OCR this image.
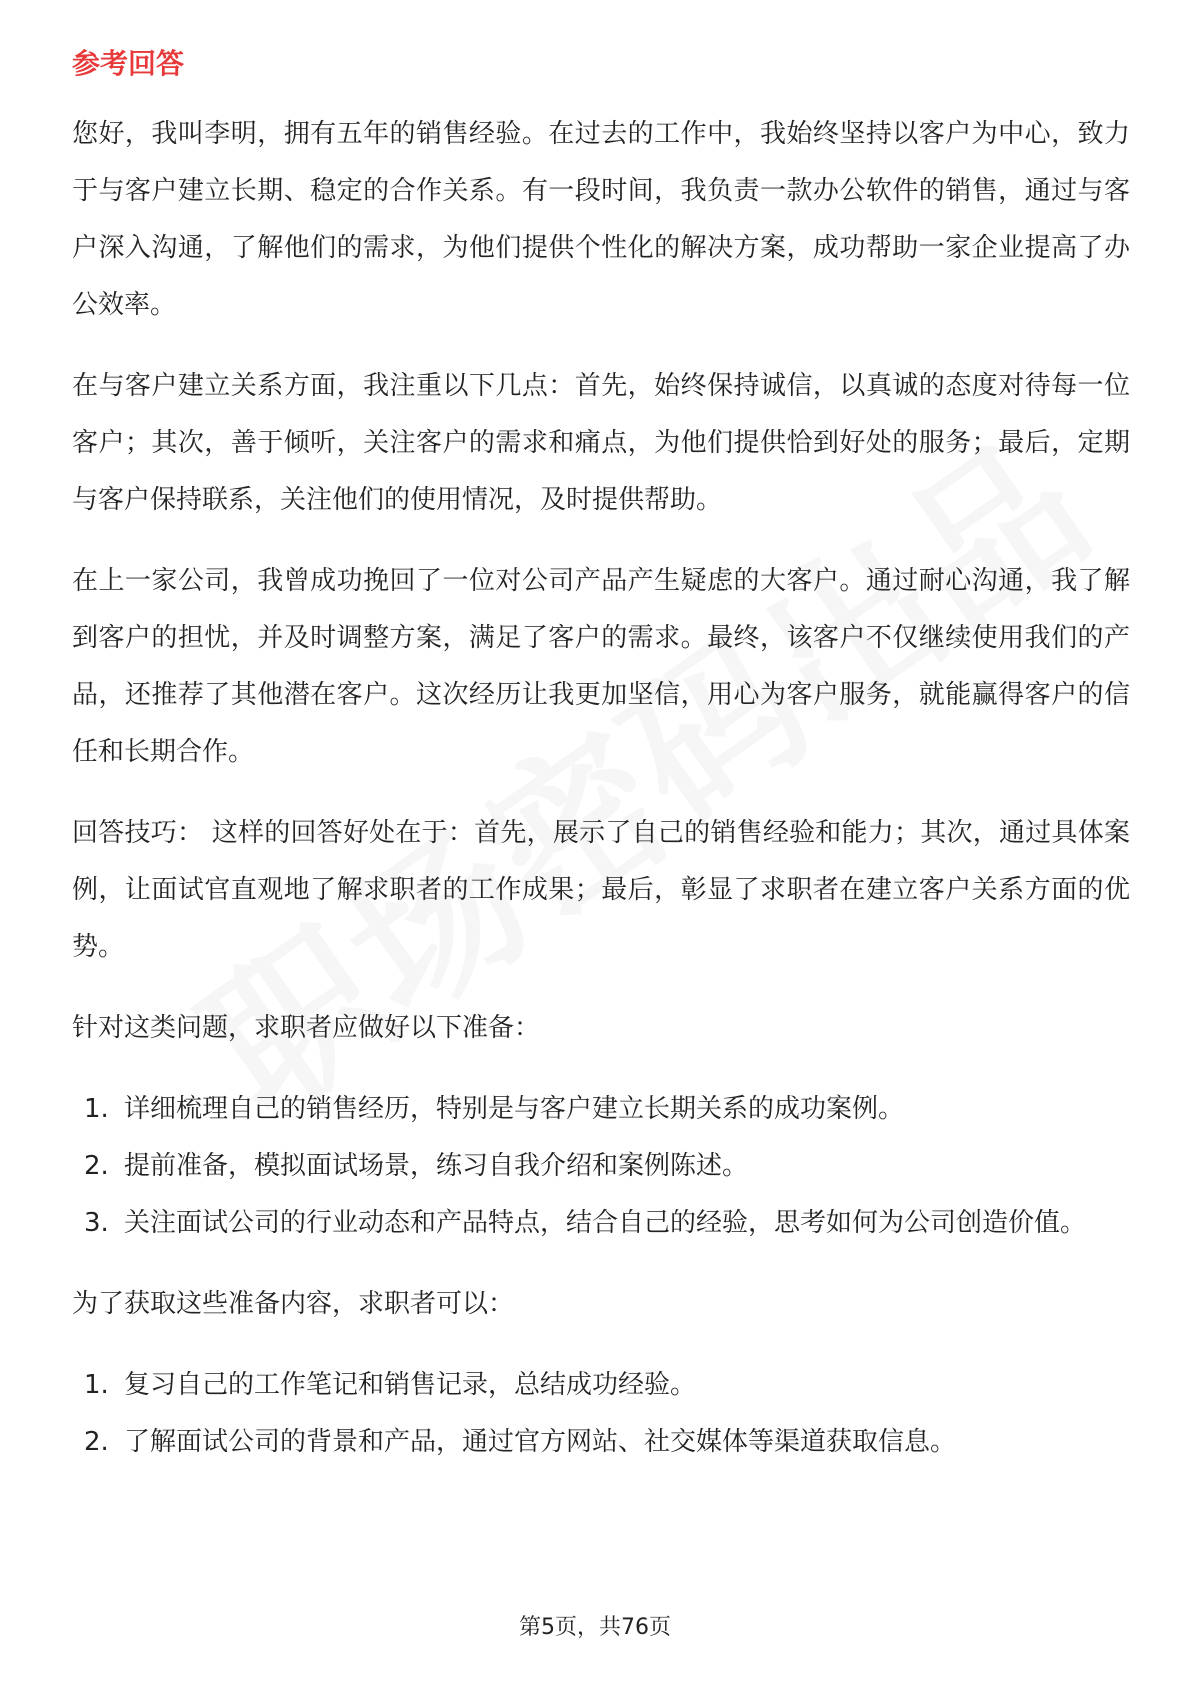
参考回答

您好，我叫李明，拥有五年的销售经验。在过去的工作中，我始终坚持以客户为中心，致力于与客户建立长期、稳定的合作关系。有一段时间，我负责一款办公软件的销售，通过与客户深入沟通，了解他们的需求，为他们提供个性化的解决方案，成功帮助一家企业提高了办公效率。

在与客户建立关系方面，我注重以下几点：首先，始终保持诚信，以真诚的态度对待每一位客户；其次，善于倾听，关注客户的需求和痛点，为他们提供恰到好处的服务；最后，定期与客户保持联系，关注他们的使用情况，及时提供帮助。

在上一家公司，我曾成功挽回了一位对公司产品产生疑虑的大客户。通过耐心沟通，我了解到客户的担忧，并及时调整方案，满足了客户的需求。最终，该客户不仅继续使用我们的产品，还推荐了其他潜在客户。这次经历让我更加坚信，用心为客户服务，就能赢得客户的信任和长期合作。

回答技巧： 这样的回答好处在于：首先，展示了自己的销售经验和能力；其次，通过具体案例，让面试官直观地了解求职者的工作成果；最后，彰显了求职者在建立客户关系方面的优势。

针对这类问题，求职者应做好以下准备：

1. 详细梳理自己的销售经历，特别是与客户建立长期关系的成功案例。
2. 提前准备，模拟面试场景，练习自我介绍和案例陈述。
3. 关注面试公司的行业动态和产品特点，结合自己的经验，思考如何为公司创造价值。

为了获取这些准备内容，求职者可以：

1. 复习自己的工作笔记和销售记录，总结成功经验。
2. 了解面试公司的背景和产品，通过官方网站、社交媒体等渠道获取信息。
第5页，共76页
